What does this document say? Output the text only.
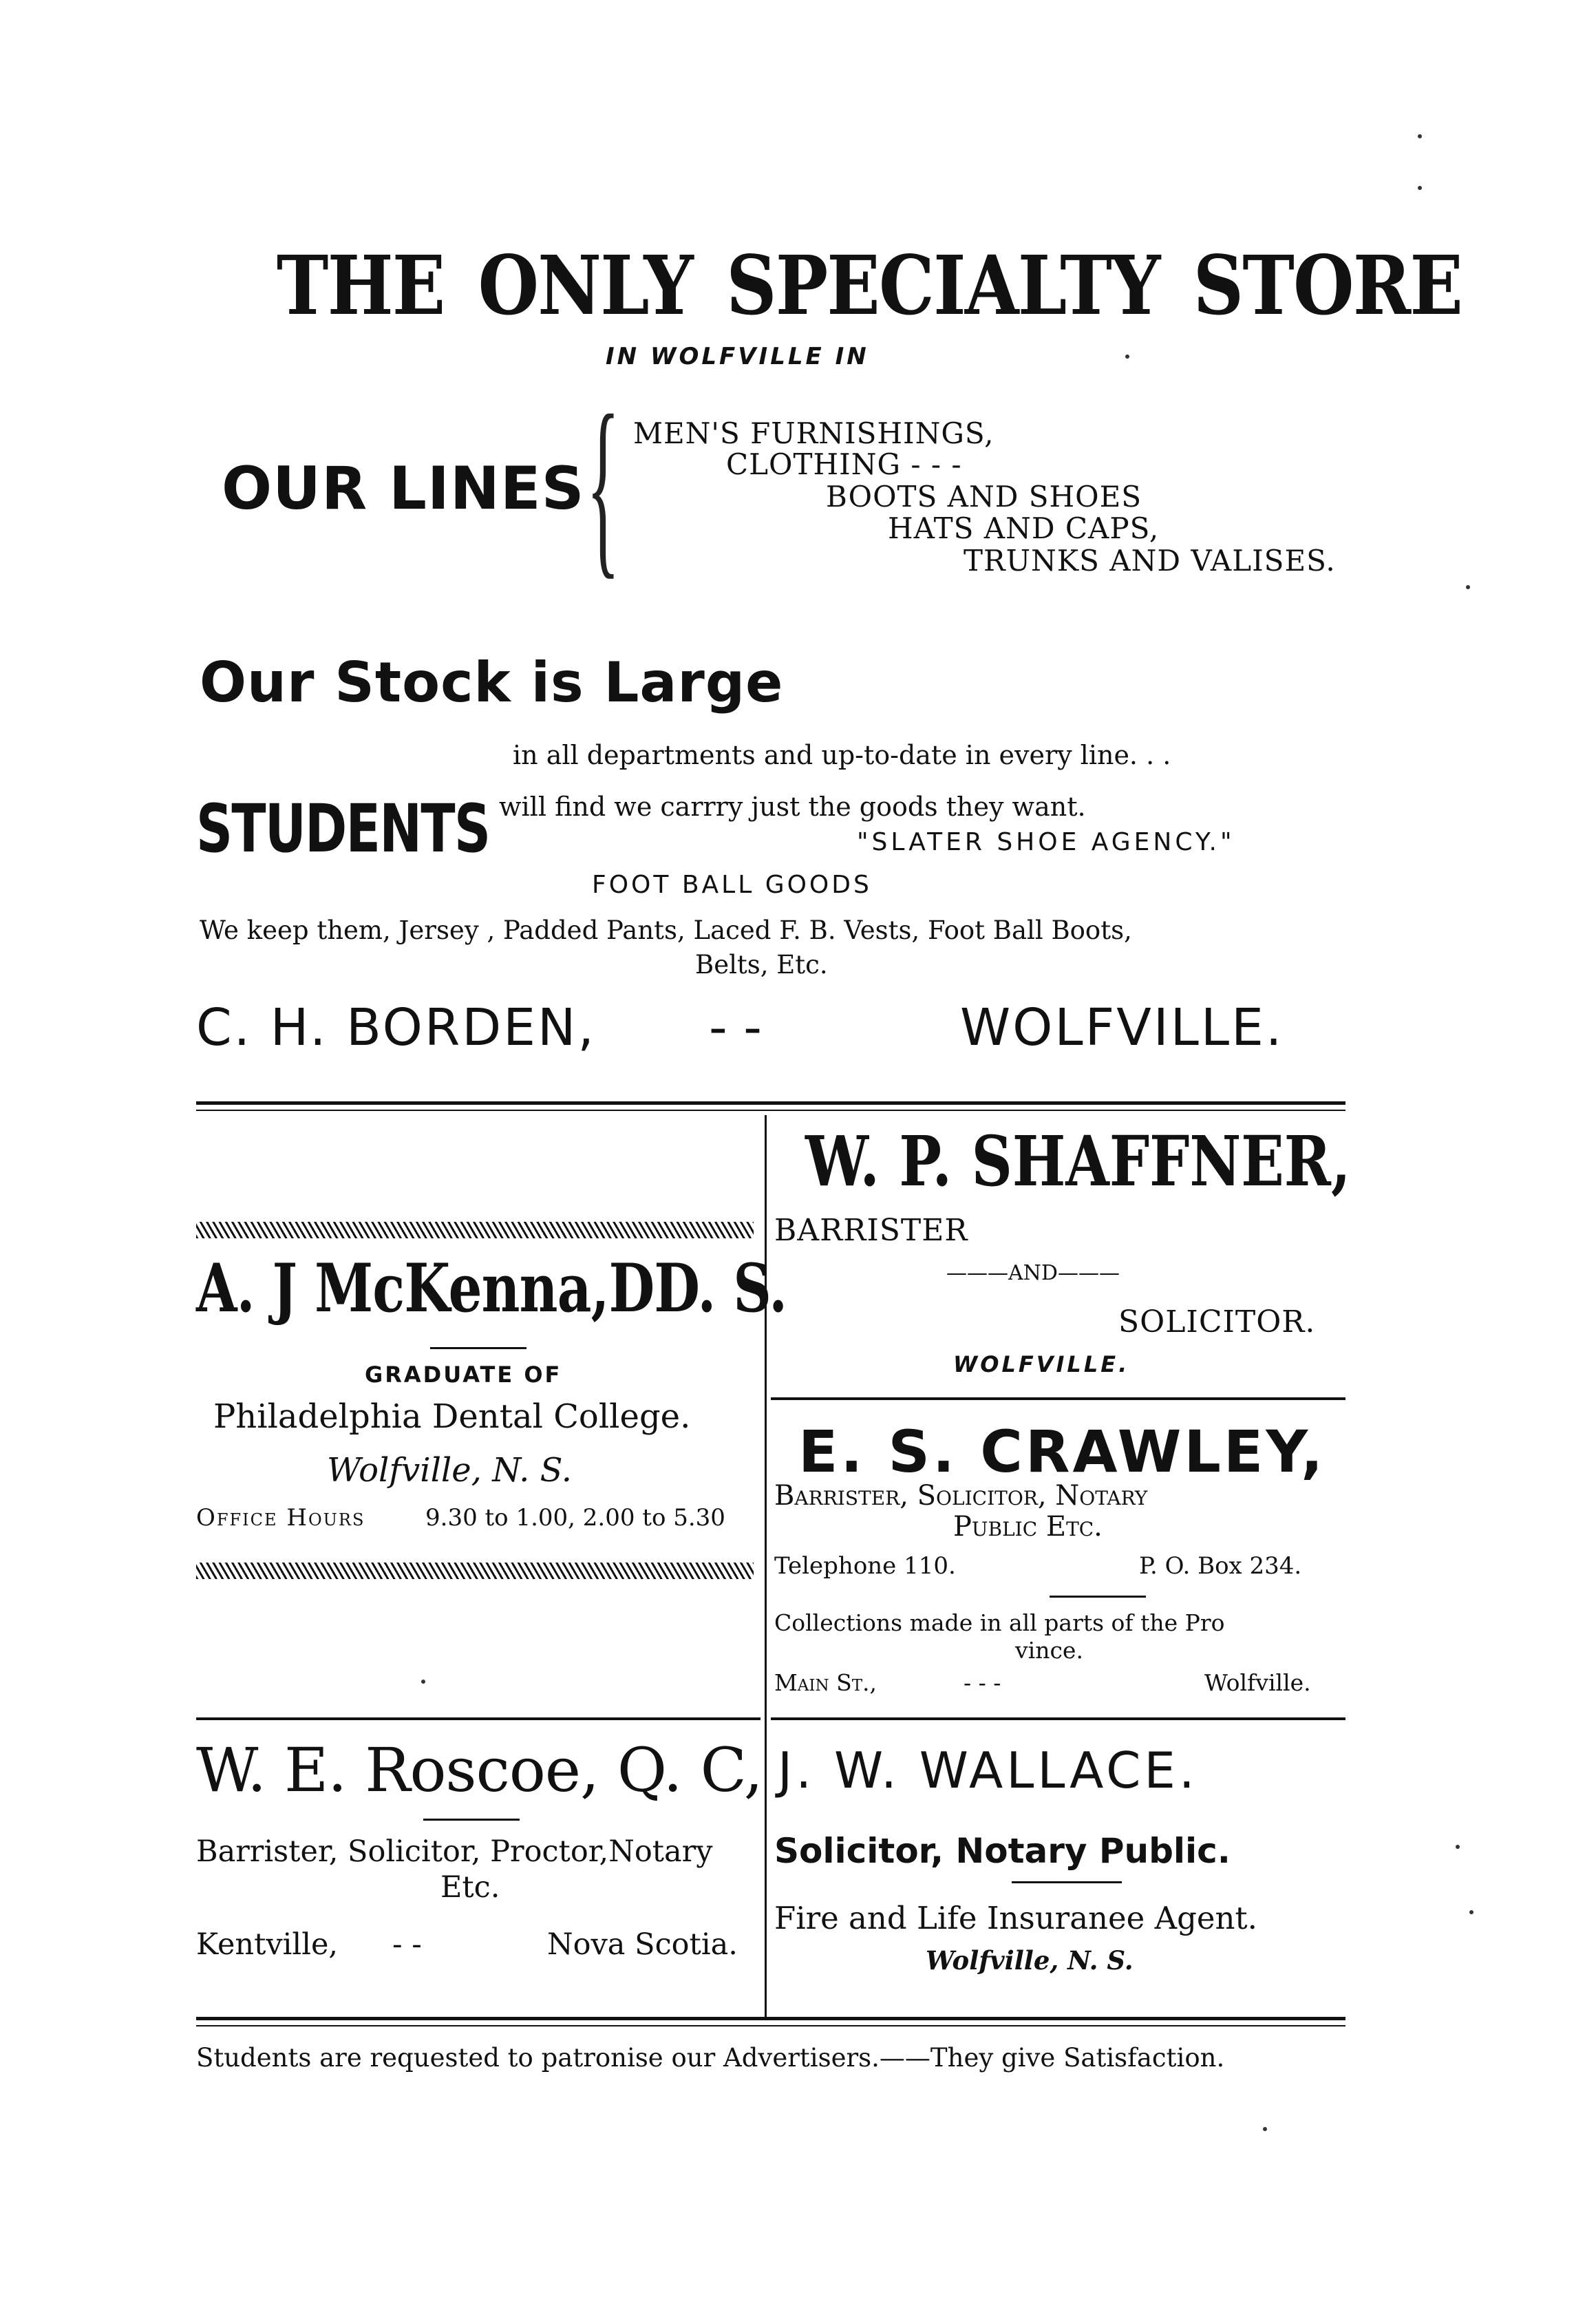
THE ONLY SPECIALTY STORE
IN WOLFVILLE IN
OUR LINES { MEN'S FURNISHINGS,
CLOTHING - - -
BOOTS AND SHOES
HATS AND CAPS,
TRUNKS AND VALISES.
Our Stock is Large
in all departments and up-to-date in every line. . .
STUDENTS will find we carrry just the goods they want.
"SLATER SHOE AGENCY."
FOOT BALL GOODS
We keep them, Jersey , Padded Pants, Laced F. B. Vests, Foot Ball Boots,
Belts, Etc.
C. H. BORDEN, - -	WOLFVILLE.
A. J McKenna,DD. S.
GRADUATE OF
Philadelphia Dental College.
Wolfville, N. S.
Office Hours	9.30 to 1.00, 2.00 to 5.30
W. E. Roscoe, Q. C,
Barrister, Solicitor, Proctor,Notary
Etc.
Kentville, - -	Nova Scotia.
W. P. SHAFFNER,
BARRISTER
———AND———
SOLICITOR.
WOLFVILLE.
E. S. CRAWLEY,
Barrister, Solicitor, Notary
Public Etc.
Telephone 110.	P. O. Box 234.
Collections made in all parts of the Pro
vince.
Main St.,	- - -	Wolfville.
J. W. WALLACE.
Solicitor, Notary Public.
Fire and Life Insuranee Agent.
Wolfville, N. S.
Students are requested to patronise our Advertisers.——They give Satisfaction.
